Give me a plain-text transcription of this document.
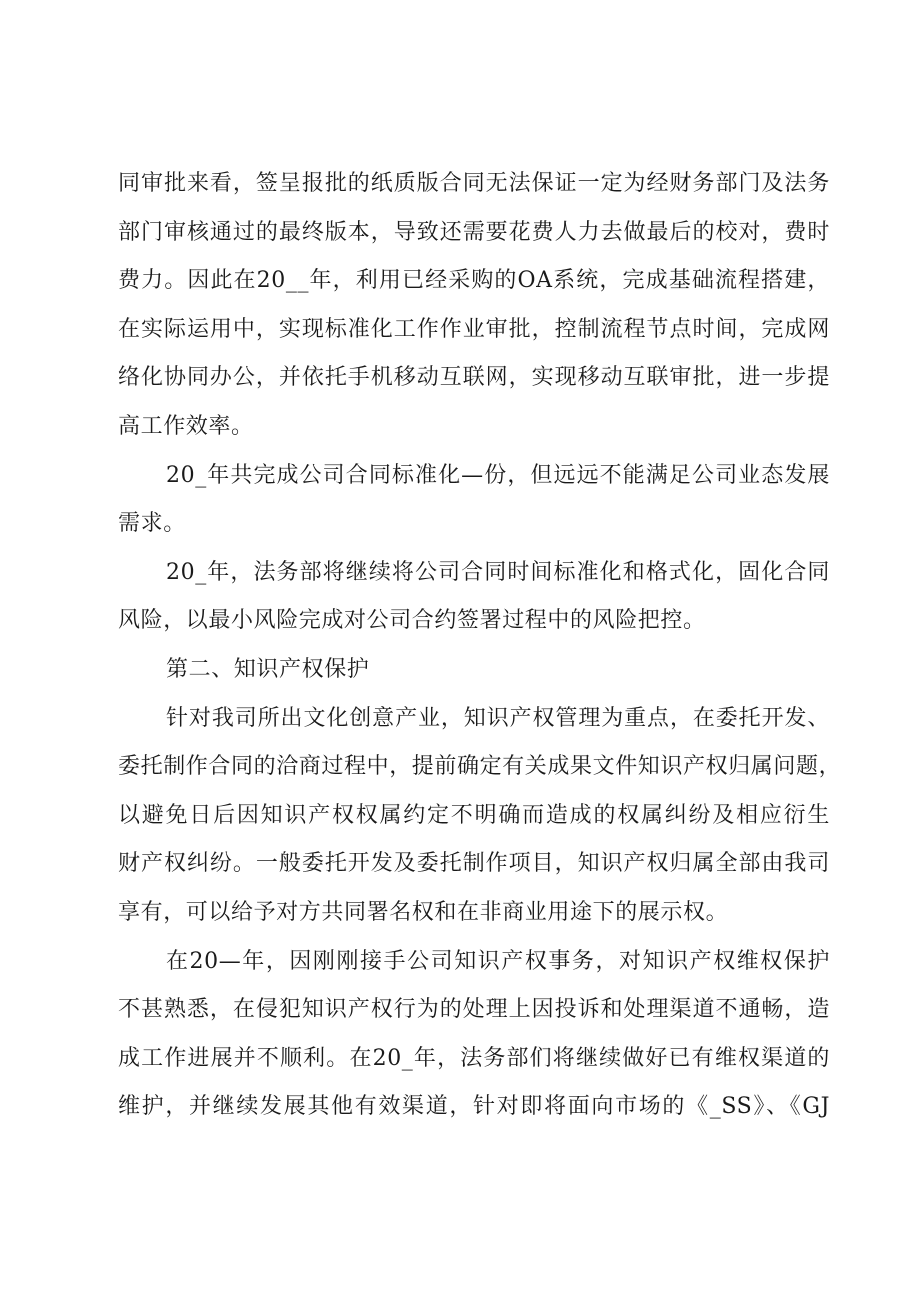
同审批来看，签呈报批的纸质版合同无法保证一定为经财务部门及法务
部门审核通过的最终版本，导致还需要花费人力去做最后的校对，费时
费力。因此在20__年，利用已经采购的OA系统，完成基础流程搭建，
在实际运用中，实现标准化工作作业审批，控制流程节点时间，完成网
络化协同办公，并依托手机移动互联网，实现移动互联审批，进一步提
高工作效率。
20_年共完成公司合同标准化—份，但远远不能满足公司业态发展
需求。
20_年，法务部将继续将公司合同时间标准化和格式化，固化合同
风险，以最小风险完成对公司合约签署过程中的风险把控。
第二、知识产权保护
针对我司所出文化创意产业，知识产权管理为重点，在委托开发、
委托制作合同的洽商过程中，提前确定有关成果文件知识产权归属问题，
以避免日后因知识产权权属约定不明确而造成的权属纠纷及相应衍生
财产权纠纷。一般委托开发及委托制作项目，知识产权归属全部由我司
享有，可以给予对方共同署名权和在非商业用途下的展示权。
在20—年，因刚刚接手公司知识产权事务，对知识产权维权保护
不甚熟悉，在侵犯知识产权行为的处理上因投诉和处理渠道不通畅，造
成工作进展并不顺利。在20_年，法务部们将继续做好已有维权渠道的
维护，并继续发展其他有效渠道，针对即将面向市场的《_SS》、《GJ
